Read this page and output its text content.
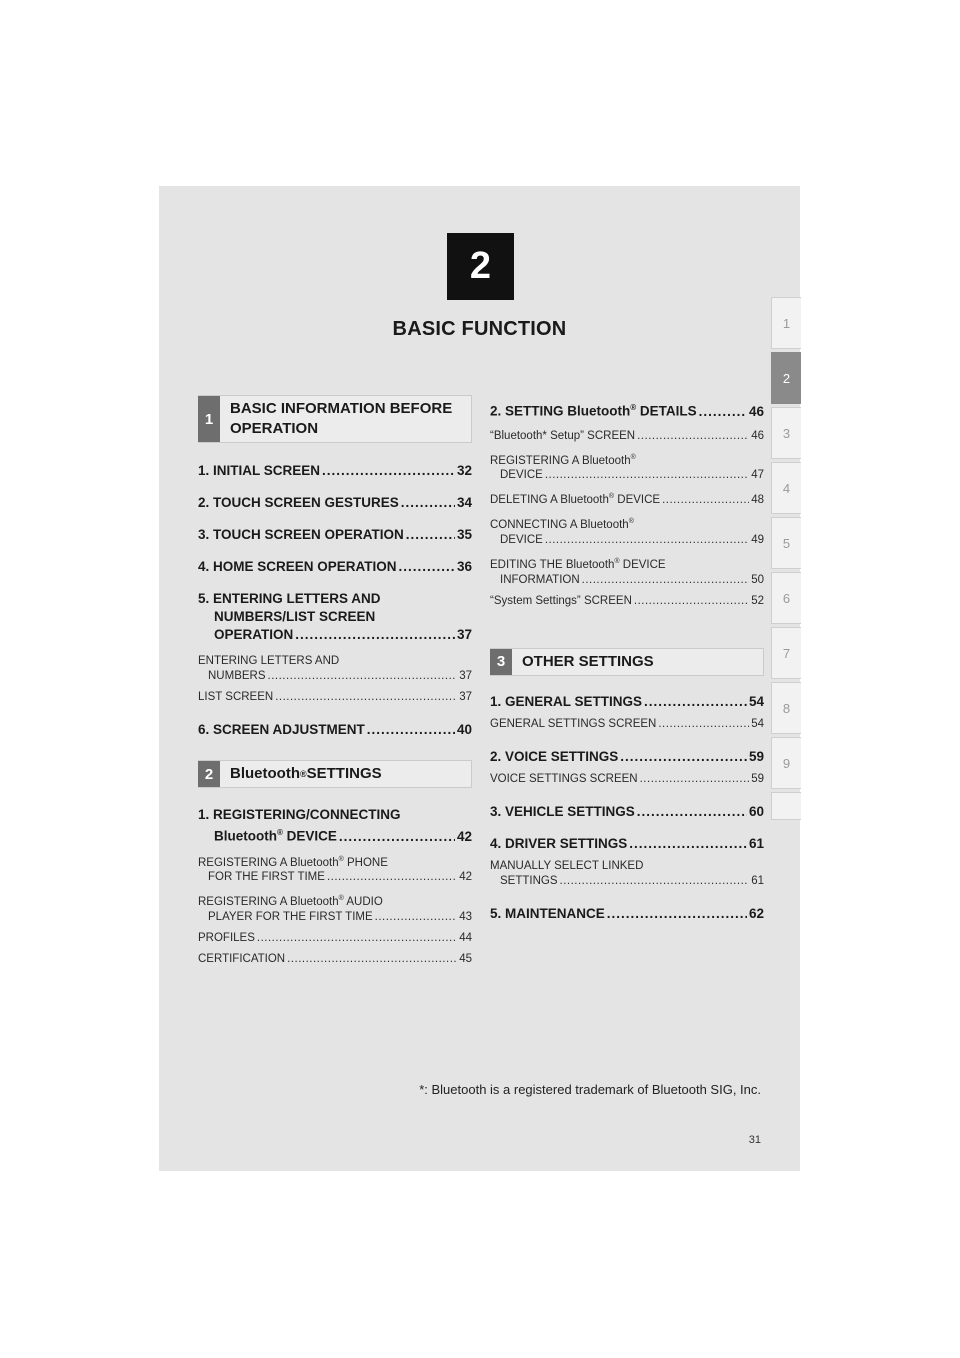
2
BASIC FUNCTION	1
2
3
4
5
6
7
8
9
1
BASIC INFORMATION BEFORE
OPERATION
1. INITIAL SCREEN .....	32
2. TOUCH SCREEN GESTURES .....	34
3. TOUCH SCREEN OPERATION .....	35
4. HOME SCREEN OPERATION .....	36
5. ENTERING LETTERS AND
NUMBERS/LIST SCREEN
OPERATION .....	37
ENTERING LETTERS AND
NUMBERS .....	37
LIST SCREEN .....	37
6. SCREEN ADJUSTMENT .....	40
2	Bluetooth ® SETTINGS
1. REGISTERING/CONNECTING
Bluetooth® DEVICE .....	42
REGISTERING A Bluetooth® PHONE
FOR THE FIRST TIME .....	42
REGISTERING A Bluetooth® AUDIO
PLAYER FOR THE FIRST TIME .....	43
PROFILES .....	44
CERTIFICATION .....	45
2. SETTING Bluetooth® DETAILS .....	46
“Bluetooth* Setup” SCREEN .....	46
REGISTERING A Bluetooth®
DEVICE .....	47
DELETING A Bluetooth® DEVICE .....	48
CONNECTING A Bluetooth®
DEVICE .....	49
EDITING THE Bluetooth® DEVICE
INFORMATION .....	50
“System Settings” SCREEN .....	52
3	OTHER SETTINGS
1. GENERAL SETTINGS .....	54
GENERAL SETTINGS SCREEN .....	54
2. VOICE SETTINGS .....	59
VOICE SETTINGS SCREEN .....	59
3. VEHICLE SETTINGS .....	60
4. DRIVER SETTINGS .....	61
MANUALLY SELECT LINKED
SETTINGS .....	61
5. MAINTENANCE .....	62
*: Bluetooth is a registered trademark of Bluetooth SIG, Inc.
31
